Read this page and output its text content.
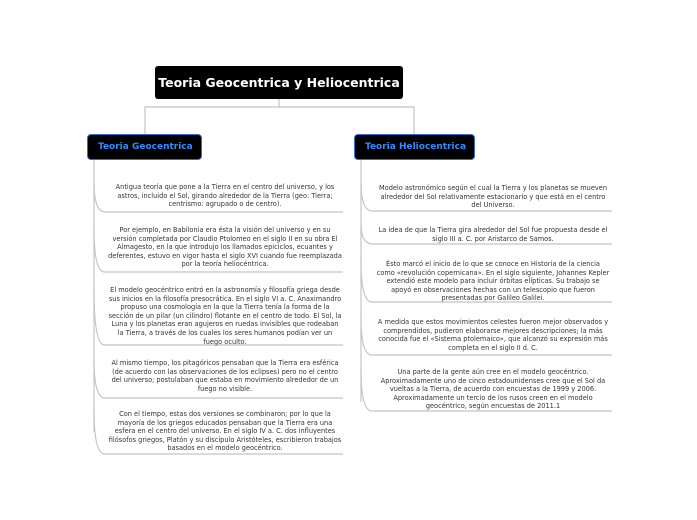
Teoria Geocentrica y Heliocentrica
Teoria Geocentrica	Teoria Heliocentrica
Antigua teoría que pone a la Tierra en el centro del universo, y los astros, incluido el Sol, girando alrededor de la Tierra (geo: Tierra; centrismo: agrupado o de centro).
Por ejemplo, en Babilonia era ésta la visión del universo y en su versión completada por Claudio Ptolomeo en el siglo II en su obra El Almagesto, en la que introdujo los llamados epiciclos, ecuantes y deferentes, estuvo en vigor hasta el siglo XVI cuando fue reemplazada por la teoría heliocéntrica.
El modelo geocéntrico entró en la astronomía y filosofía griega desde sus inicios en la filosofía presocrática. En el siglo VI a. C. Anaximandro propuso una cosmología en la que la Tierra tenía la forma de la sección de un pilar (un cilindro) flotante en el centro de todo. El Sol, la Luna y los planetas eran agujeros en ruedas invisibles que rodeaban la Tierra, a través de los cuales los seres humanos podían ver un fuego oculto.
Al mismo tiempo, los pitagóricos pensaban que la Tierra era esférica (de acuerdo con las observaciones de los eclipses) pero no el centro del universo; postulaban que estaba en movimiento alrededor de un fuego no visible.
Con el tiempo, estas dos versiones se combinaron; por lo que la mayoría de los griegos educados pensaban que la Tierra era una esfera en el centro del universo. En el siglo IV a. C. dos influyentes filósofos griegos, Platón y su discípulo Aristóteles, escribieron trabajos basados en el modelo geocéntrico.
Modelo astronómico según el cual la Tierra y los planetas se mueven alrededor del Sol relativamente estacionario y que está en el centro del Universo.
La idea de que la Tierra gira alrededor del Sol fue propuesta desde el siglo III a. C. por Aristarco de Samos.
Ésto marcó el inicio de lo que se conoce en Historia de la ciencia como «revolución copernicana». En el siglo siguiente, Johannes Kepler extendió este modelo para incluir órbitas elípticas. Su trabajo se apoyó en observaciones hechas con un telescopio que fueron presentadas por Galileo Galilei.
A medida que estos movimientos celestes fueron mejor observados y comprendidos, pudieron elaborarse mejores descripciones; la más conocida fue el «Sistema ptolemaico», que alcanzó su expresión más completa en el siglo II d. C.
Una parte de la gente aún cree en el modelo geocéntrico. Aproximadamente uno de cinco estadounidenses cree que el Sol da vueltas a la Tierra, de acuerdo con encuestas de 1999 y 2006. Aproximadamente un tercio de los rusos creen en el modelo geocéntrico, según encuestas de 2011.1
